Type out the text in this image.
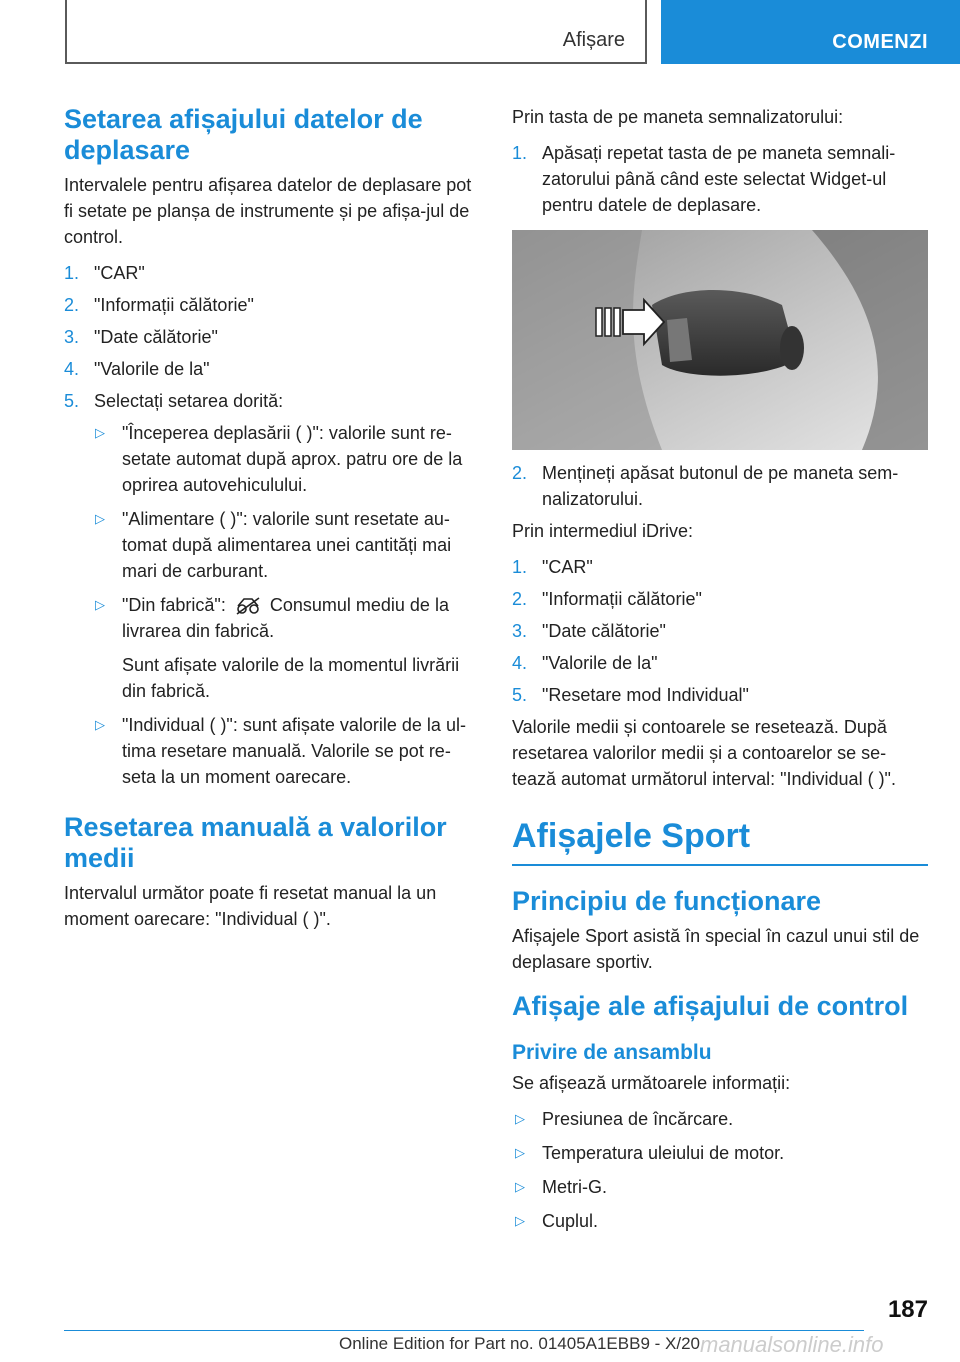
Afișare	COMENZI
Setarea afișajului datelor de deplasare

Intervalele pentru afișarea datelor de deplasare pot fi setate pe planșa de instrumente și pe afișa-jul de control.

1. "CAR"
2. "Informații călătorie"
3. "Date călătorie"
4. "Valorile de la"
5. Selectați setarea dorită:
▷ "Începerea deplasării ( )": valorile sunt re-setate automat după aprox. patru ore de la oprirea autovehiculului.
▷ "Alimentare ( )": valorile sunt resetate au-tomat după alimentarea unei cantități mai mari de carburant.
▷ "Din fabrică": Consumul mediu de la livrarea din fabrică.
Sunt afișate valorile de la momentul livrării din fabrică.
▷ "Individual ( )": sunt afișate valorile de la ul-tima resetare manuală. Valorile se pot re-seta la un moment oarecare.
Resetarea manuală a valorilor medii

Intervalul următor poate fi resetat manual la un moment oarecare: "Individual ( )".

Prin tasta de pe maneta semnalizatorului:

1. Apăsați repetat tasta de pe maneta semnali-zatorului până când este selectat Widget-ul pentru datele de deplasare.
2. Mențineți apăsat butonul de pe maneta sem-nalizatorului.

Prin intermediul iDrive:

1. "CAR"
2. "Informații călătorie"
3. "Date călătorie"
4. "Valorile de la"
5. "Resetare mod Individual"

Valorile medii și contoarele se resetează. După resetarea valorilor medii și a contoarelor se se-tează automat următorul interval: "Individual ( )".

Afișajele Sport
Principiu de funcționare

Afișajele Sport asistă în special în cazul unui stil de deplasare sportiv.

Afișaje ale afișajului de control
Privire de ansamblu

Se afișează următoarele informații:

▷ Presiunea de încărcare.
▷ Temperatura uleiului de motor.
▷ Metri-G.
▷ Cuplul.
187
Online Edition for Part no. 01405A1EBB9 - X/20 manualsonline.info
